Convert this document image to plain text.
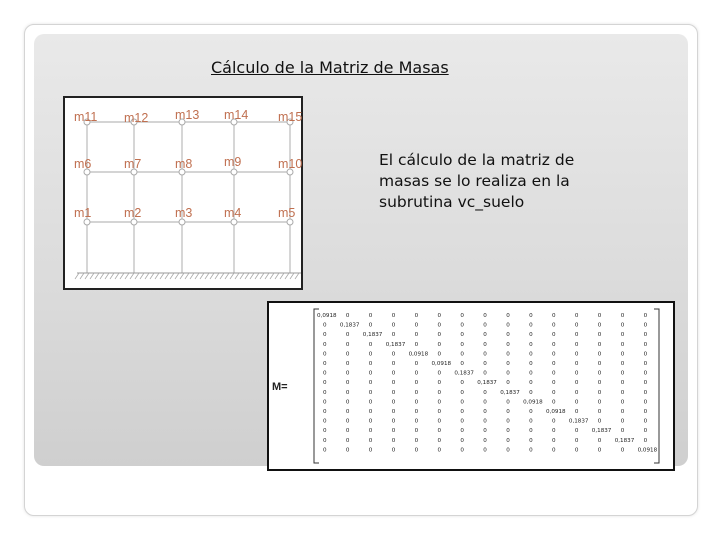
Cálculo de la Matriz de Masas
El cálculo de la matriz de
masas se lo realiza en la
subrutina vc_suelo
m11 m12 m13 m14 m15
m6	m7	m8	m9	m10
m1	m2	m3	m4	m5
0,0918 0	0	0	0	0	0	0	0	0	0	0	0	0	0
0 0,1837 0	0	0	0	0	0	0	0	0	0	0	0	0
0	0 0,1837 0	0	0	0	0	0	0	0	0	0	0	0
0	0	0 0,1837 0	0	0	0	0	0	0	0	0	0	0
0	0	0	0 0,0918 0	0	0	0	0	0	0	0	0	0
0	0	0	0	0 0,0918 0	0	0	0	0	0	0	0	0
0	0	0	0	0	0 0,1837 0	0	0	0	0	0	0	0
0	0	0	0	0	0	0 0,1837 0	0	0	0	0	0	0
0	0	0	0	0	0	0	0 0,1837 0	0	0	0	0	0
0	0	0	0	0	0	0	0	0 0,0918 0	0	0	0	0
0	0	0	0	0	0	0	0	0	0 0,0918 0	0	0	0
0	0	0	0	0	0	0	0	0	0	0 0,1837 0	0	0
0	0	0	0	0	0	0	0	0	0	0	0 0,1837 0	0
0	0	0	0	0	0	0	0	0	0	0	0	0 0,1837 0
0	0	0	0	0	0	0	0	0	0	0	0	0	0 0,0918
M=
